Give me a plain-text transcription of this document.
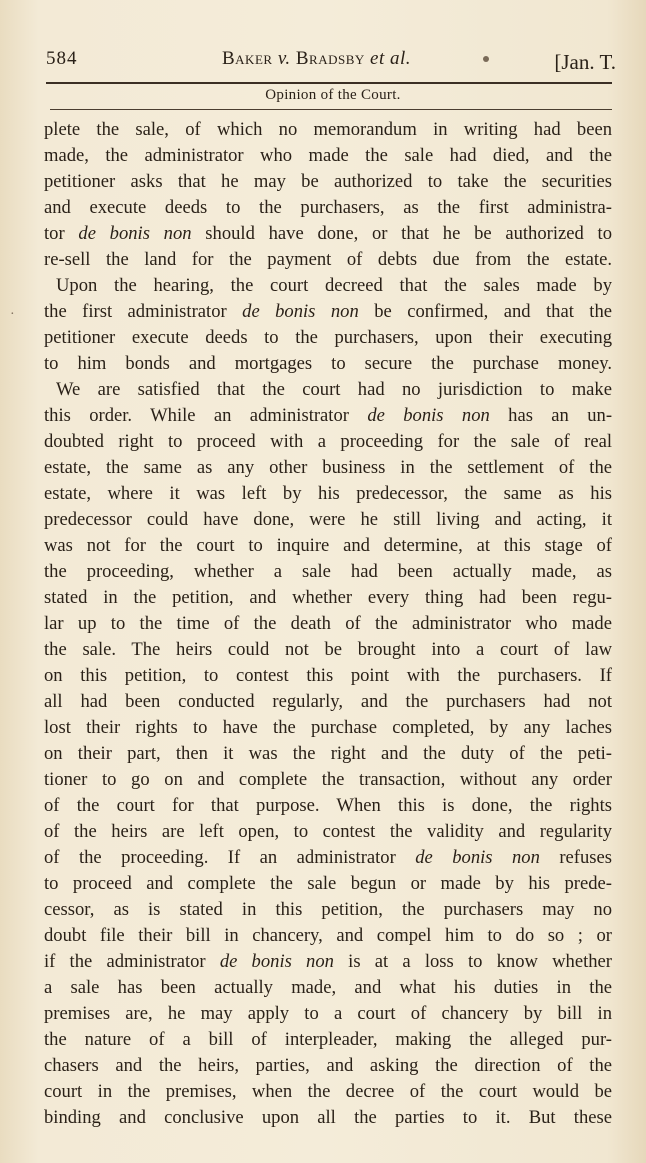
584	Baker v. Bradsby et al.	[Jan. T.
Opinion of the Court.
·
plete the sale, of which no memorandum in writing had been
made, the administrator who made the sale had died, and the
petitioner asks that he may be authorized to take the securities
and execute deeds to the purchasers, as the first administra-
tor de bonis non should have done, or that he be authorized to
re-sell the land for the payment of debts due from the estate.
Upon the hearing, the court decreed that the sales made by
the first administrator de bonis non be confirmed, and that the
petitioner execute deeds to the purchasers, upon their executing
to him bonds and mortgages to secure the purchase money.
We are satisfied that the court had no jurisdiction to make
this order. While an administrator de bonis non has an un-
doubted right to proceed with a proceeding for the sale of real
estate, the same as any other business in the settlement of the
estate, where it was left by his predecessor, the same as his
predecessor could have done, were he still living and acting, it
was not for the court to inquire and determine, at this stage of
the proceeding, whether a sale had been actually made, as
stated in the petition, and whether every thing had been regu-
lar up to the time of the death of the administrator who made
the sale. The heirs could not be brought into a court of law
on this petition, to contest this point with the purchasers. If
all had been conducted regularly, and the purchasers had not
lost their rights to have the purchase completed, by any laches
on their part, then it was the right and the duty of the peti-
tioner to go on and complete the transaction, without any order
of the court for that purpose. When this is done, the rights
of the heirs are left open, to contest the validity and regularity
of the proceeding. If an administrator de bonis non refuses
to proceed and complete the sale begun or made by his prede-
cessor, as is stated in this petition, the purchasers may no
doubt file their bill in chancery, and compel him to do so ; or
if the administrator de bonis non is at a loss to know whether
a sale has been actually made, and what his duties in the
premises are, he may apply to a court of chancery by bill in
the nature of a bill of interpleader, making the alleged pur-
chasers and the heirs, parties, and asking the direction of the
court in the premises, when the decree of the court would be
binding and conclusive upon all the parties to it. But these
